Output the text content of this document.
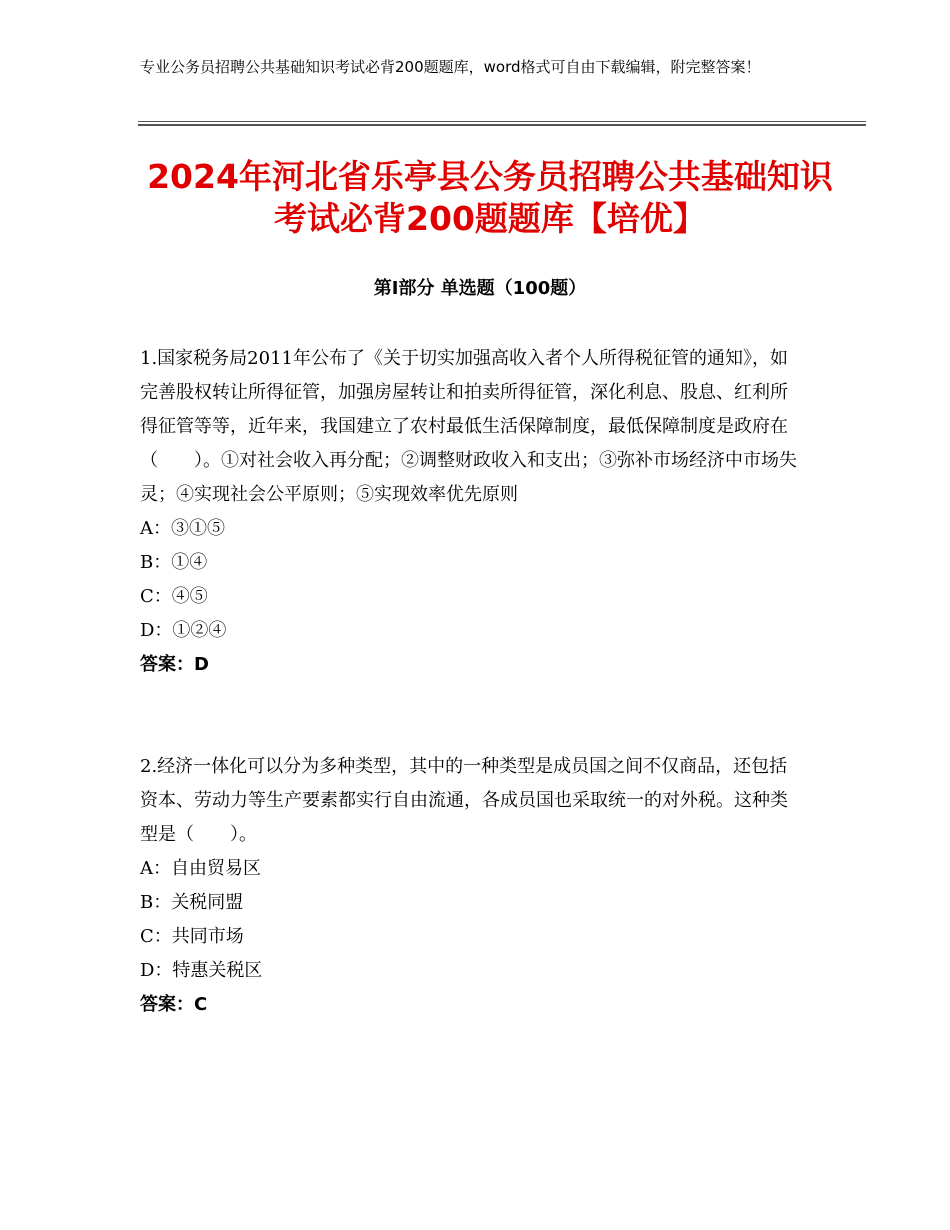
专业公务员招聘公共基础知识考试必背200题题库，word格式可自由下载编辑，附完整答案！
2024年河北省乐亭县公务员招聘公共基础知识考试必背200题题库【培优】
第Ⅰ部分 单选题（100题）

1.国家税务局2011年公布了《关于切实加强高收入者个人所得税征管的通知》，如完善股权转让所得征管，加强房屋转让和拍卖所得征管，深化利息、股息、红利所得征管等等，近年来，我国建立了农村最低生活保障制度，最低保障制度是政府在（　　）。①对社会收入再分配；②调整财政收入和支出；③弥补市场经济中市场失灵；④实现社会公平原则；⑤实现效率优先原则

A：③①⑤

B：①④

C：④⑤

D：①②④

答案：D

2.经济一体化可以分为多种类型，其中的一种类型是成员国之间不仅商品，还包括资本、劳动力等生产要素都实行自由流通，各成员国也采取统一的对外税。这种类型是（　　）。

A：自由贸易区

B：关税同盟

C：共同市场

D：特惠关税区

答案：C
